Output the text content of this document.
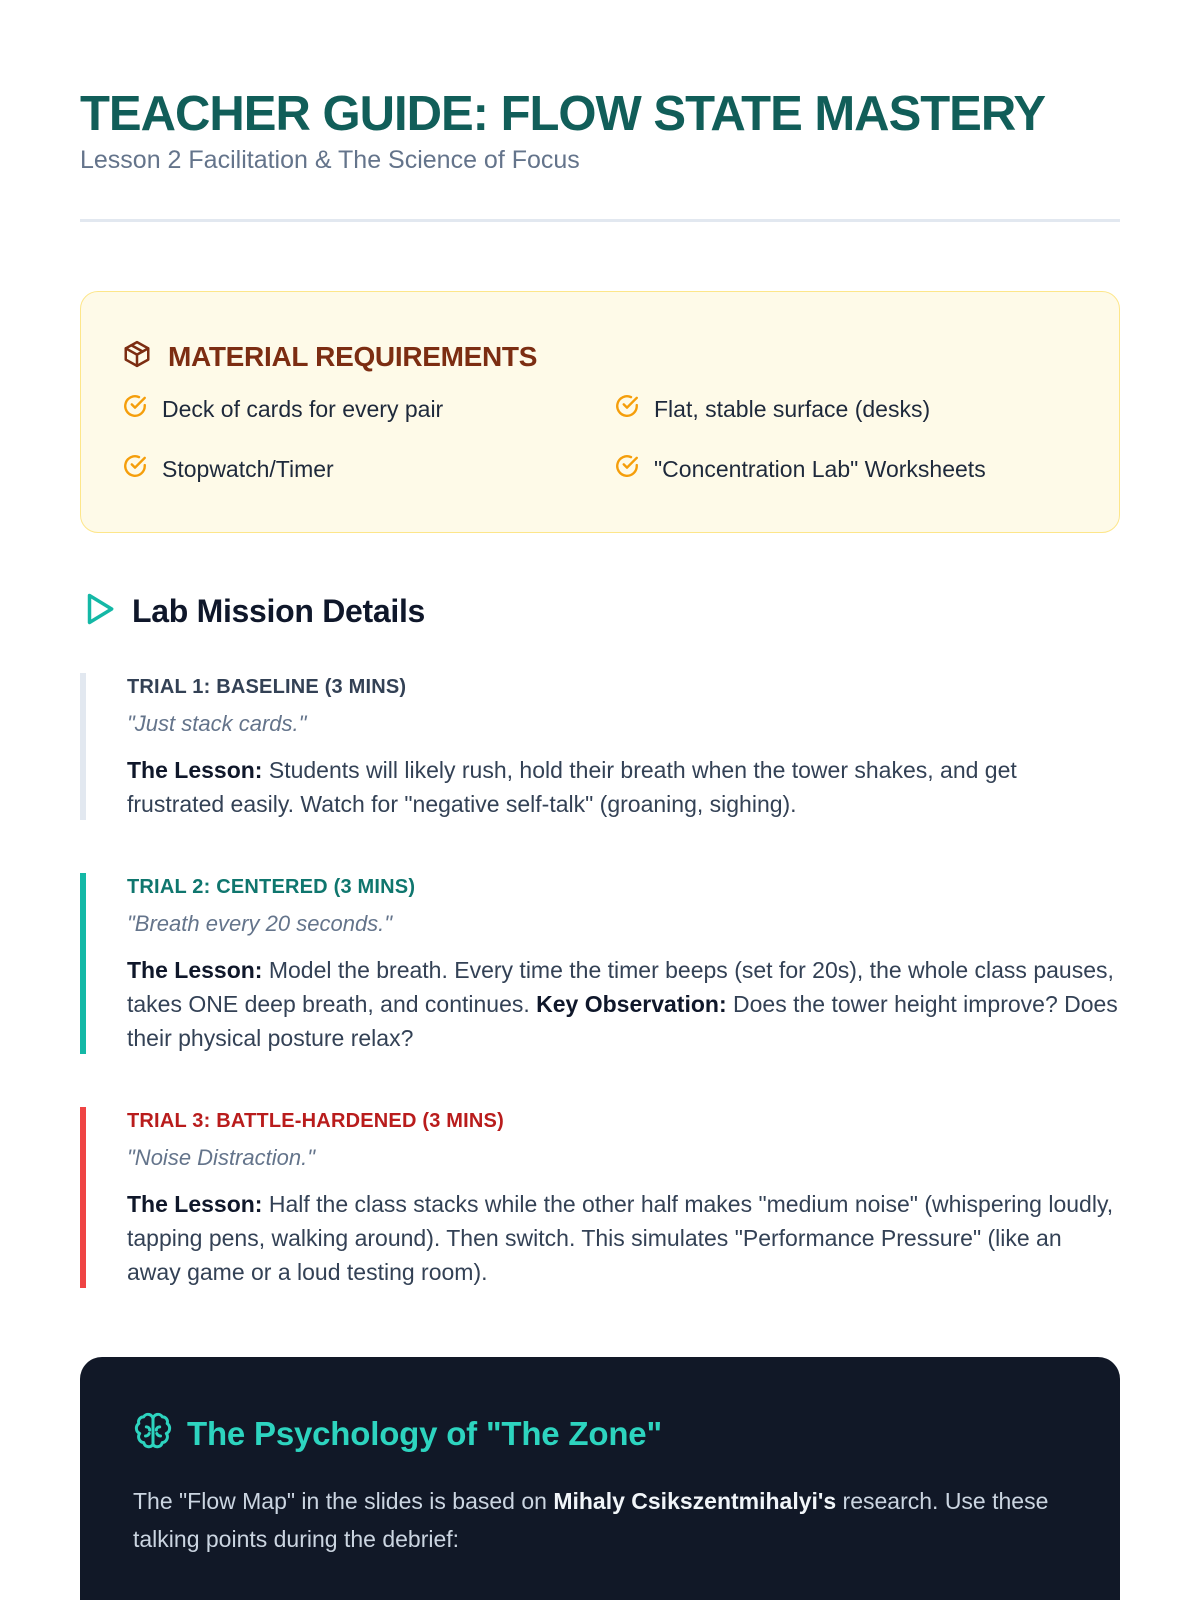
TEACHER GUIDE: FLOW STATE MASTERY
Lesson 2 Facilitation & The Science of Focus
MATERIAL REQUIREMENTS
Deck of cards for every pair	Flat, stable surface (desks)
Stopwatch/Timer	"Concentration Lab" Worksheets
Lab Mission Details
TRIAL 1: BASELINE (3 MINS)
"Just stack cards."
The Lesson: Students will likely rush, hold their breath when the tower shakes, and get frustrated easily. Watch for "negative self-talk" (groaning, sighing).
TRIAL 2: CENTERED (3 MINS)
"Breath every 20 seconds."
The Lesson: Model the breath. Every time the timer beeps (set for 20s), the whole class pauses, takes ONE deep breath, and continues. Key Observation: Does the tower height improve? Does their physical posture relax?
TRIAL 3: BATTLE-HARDENED (3 MINS)
"Noise Distraction."
The Lesson: Half the class stacks while the other half makes "medium noise" (whispering loudly, tapping pens, walking around). Then switch. This simulates "Performance Pressure" (like an away game or a loud testing room).
The Psychology of "The Zone"

The "Flow Map" in the slides is based on Mihaly Csikszentmihalyi's research. Use these talking points during the debrief:
